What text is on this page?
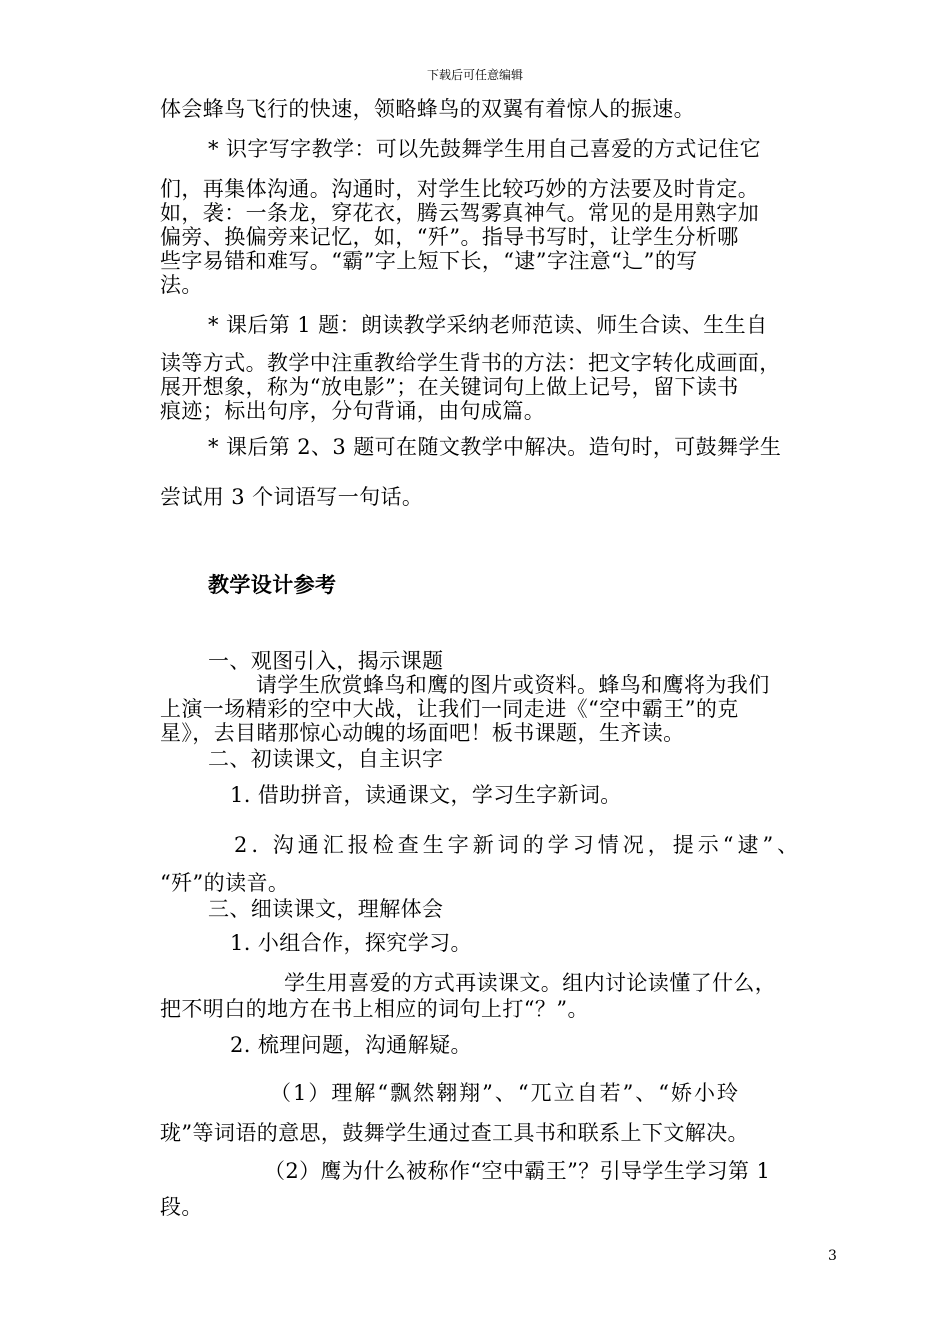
下载后可任意编辑
体会蜂鸟飞行的快速，领略蜂鸟的双翼有着惊人的振速。
* 识字写字教学：可以先鼓舞学生用自己喜爱的方式记住它
们，再集体沟通。沟通时，对学生比较巧妙的方法要及时肯定。
如，袭：一条龙，穿花衣，腾云驾雾真神气。常见的是用熟字加
偏旁、换偏旁来记忆，如，“歼”。指导书写时，让学生分析哪
些字易错和难写。“霸”字上短下长，“逮”字注意“辶”的写
法。
* 课后第 1 题：朗读教学采纳老师范读、师生合读、生生自
读等方式。教学中注重教给学生背书的方法：把文字转化成画面，
展开想象，称为“放电影”；在关键词句上做上记号，留下读书
痕迹；标出句序，分句背诵，由句成篇。
* 课后第 2、3 题可在随文教学中解决。造句时，可鼓舞学生
尝试用 3 个词语写一句话。
教学设计参考
一、观图引入，揭示课题
请学生欣赏蜂鸟和鹰的图片或资料。蜂鸟和鹰将为我们
上演一场精彩的空中大战，让我们一同走进《“空中霸王”的克
星》，去目睹那惊心动魄的场面吧！板书课题，生齐读。
二、初读课文，自主识字
1. 借助拼音，读通课文，学习生字新词。
2. 沟通汇报检查生字新词的学习情况，提示“逮”、
“歼”的读音。
三、细读课文，理解体会
1. 小组合作，探究学习。
学生用喜爱的方式再读课文。组内讨论读懂了什么，
把不明白的地方在书上相应的词句上打“？”。
2. 梳理问题，沟通解疑。
（1）理解“飘然翱翔”、“兀立自若”、“娇小玲
珑”等词语的意思，鼓舞学生通过查工具书和联系上下文解决。
（2）鹰为什么被称作“空中霸王”？引导学生学习第 1
段。
3
